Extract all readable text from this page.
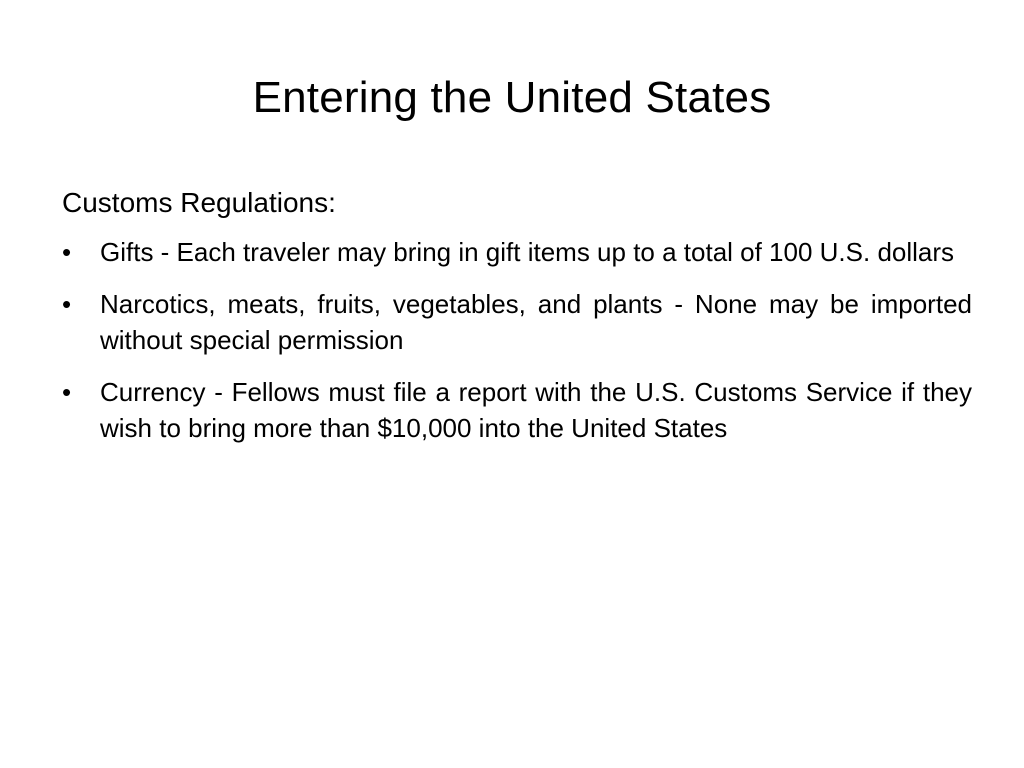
Entering the United States

Customs Regulations:

•	Gifts - Each traveler may bring in gift items up to a total of 100 U.S. dollars
•	Narcotics, meats, fruits, vegetables, and plants - None may be imported without special permission
•	Currency - Fellows must file a report with the U.S. Customs Service if they wish to bring more than $10,000 into the United States
